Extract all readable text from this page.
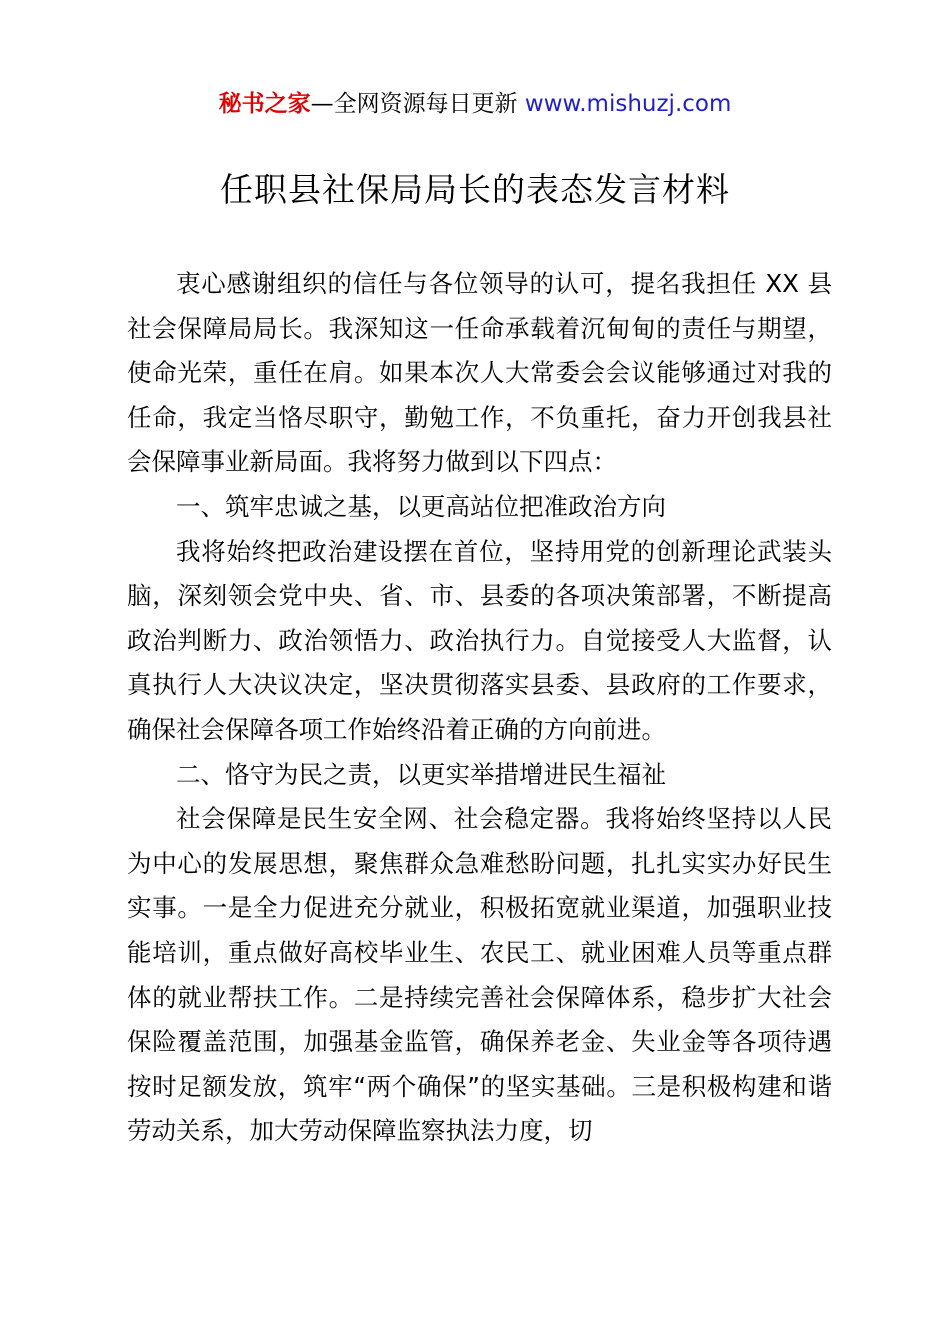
秘书之家—全网资源每日更新 www.mishuzj.com
任职县社保局局长的表态发言材料

衷心感谢组织的信任与各位领导的认可，提名我担任 XX 县社会保障局局长。我深知这一任命承载着沉甸甸的责任与期望，使命光荣，重任在肩。如果本次人大常委会会议能够通过对我的任命，我定当恪尽职守，勤勉工作，不负重托，奋力开创我县社会保障事业新局面。我将努力做到以下四点：

一、筑牢忠诚之基，以更高站位把准政治方向

我将始终把政治建设摆在首位，坚持用党的创新理论武装头脑，深刻领会党中央、省、市、县委的各项决策部署，不断提高政治判断力、政治领悟力、政治执行力。自觉接受人大监督，认真执行人大决议决定，坚决贯彻落实县委、县政府的工作要求，确保社会保障各项工作始终沿着正确的方向前进。

二、恪守为民之责，以更实举措增进民生福祉

社会保障是民生安全网、社会稳定器。我将始终坚持以人民为中心的发展思想，聚焦群众急难愁盼问题，扎扎实实办好民生实事。一是全力促进充分就业，积极拓宽就业渠道，加强职业技能培训，重点做好高校毕业生、农民工、就业困难人员等重点群体的就业帮扶工作。二是持续完善社会保障体系，稳步扩大社会保险覆盖范围，加强基金监管，确保养老金、失业金等各项待遇按时足额发放，筑牢“两个确保”的坚实基础。三是积极构建和谐劳动关系，加大劳动保障监察执法力度，切
